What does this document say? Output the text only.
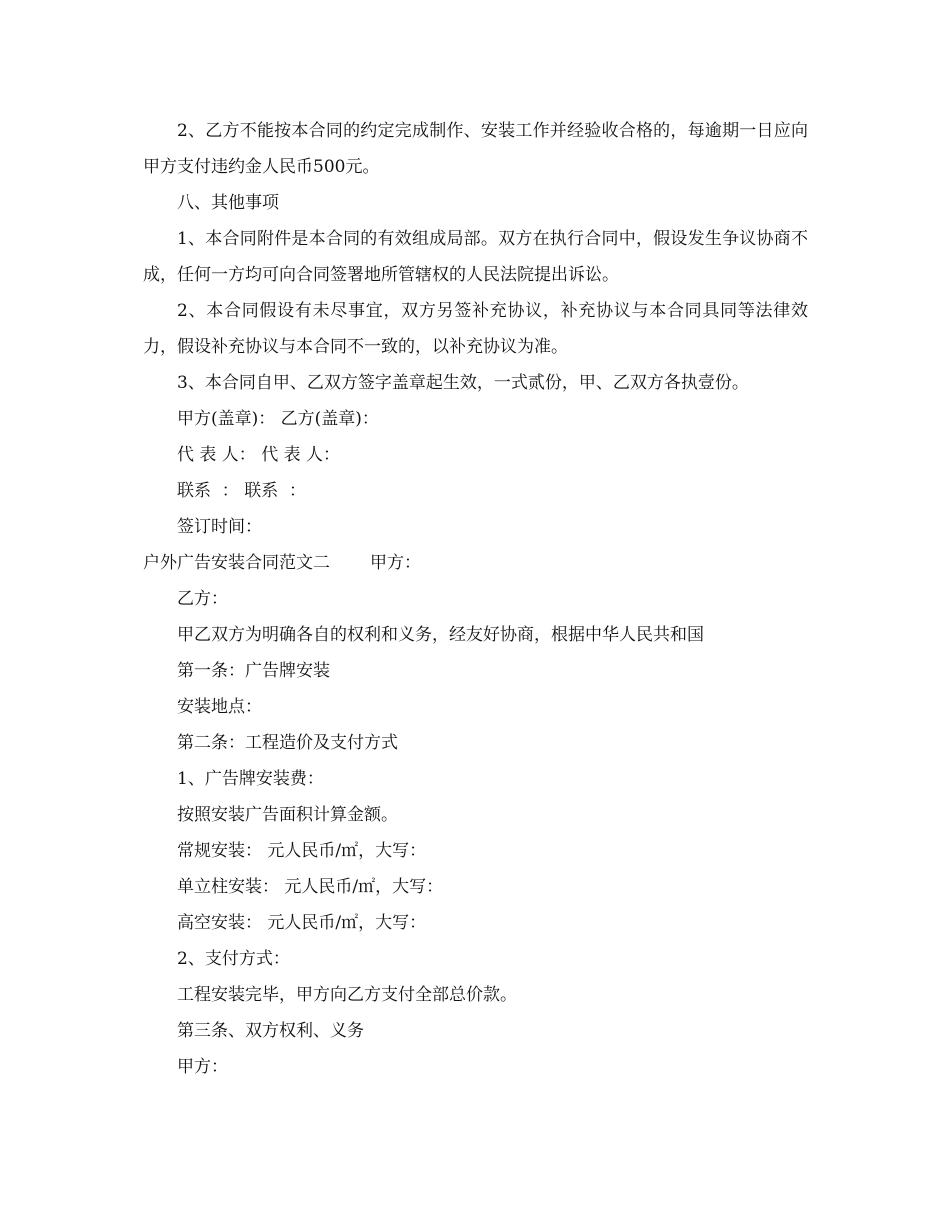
2、乙方不能按本合同的约定完成制作、安装工作并经验收合格的，每逾期一日应向甲方支付违约金人民币500元。

八、其他事项

1、本合同附件是本合同的有效组成局部。双方在执行合同中，假设发生争议协商不成，任何一方均可向合同签署地所管辖权的人民法院提出诉讼。

2、本合同假设有未尽事宜，双方另签补充协议，补充协议与本合同具同等法律效力，假设补充协议与本合同不一致的，以补充协议为准。

3、本合同自甲、乙双方签字盖章起生效，一式贰份，甲、乙双方各执壹份。

甲方(盖章)： 乙方(盖章)：

代 表 人： 代 表 人：

联系  ： 联系  ：

签订时间：

户外广告安装合同范文二 甲方：

乙方：

甲乙双方为明确各自的权利和义务，经友好协商，根据中华人民共和国

第一条：广告牌安装

安装地点：

第二条：工程造价及支付方式

1、广告牌安装费：

按照安装广告面积计算金额。

常规安装： 元人民币/㎡，大写：

单立柱安装： 元人民币/㎡，大写：

高空安装： 元人民币/㎡，大写：

2、支付方式：

工程安装完毕，甲方向乙方支付全部总价款。

第三条、双方权利、义务

甲方：
